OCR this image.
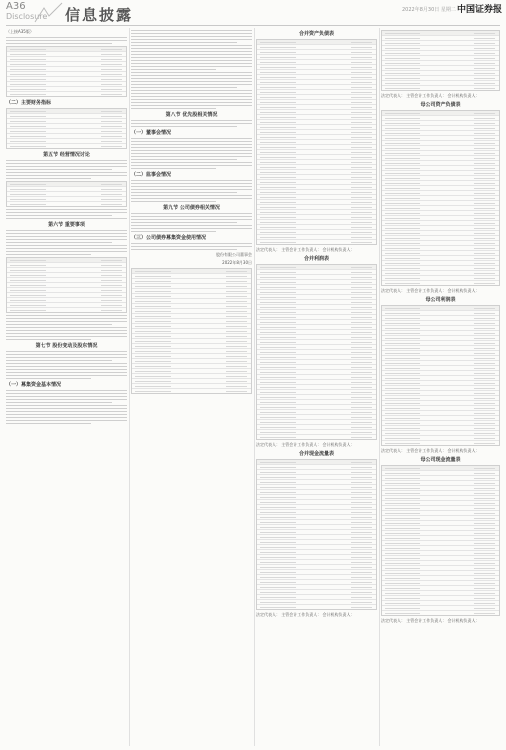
A36
Disclosure 信息披露	2022年8月30日 星期二 中国证券报
（上接A35版）
（二）主要财务指标
第五节 经营情况讨论
第六节 重要事项
第七节 股份变动及股东情况
（一）募集资金基本情况
第八节 优先股相关情况
（一）董事会情况
（二）监事会情况
第九节 公司债券相关情况
（三）公司债券募集资金使用情况
股份有限公司董事会
2022年8月30日
合并资产负债表
法定代表人： 主管会计工作负责人： 会计机构负责人：
合并利润表
法定代表人： 主管会计工作负责人： 会计机构负责人：
合并现金流量表
法定代表人： 主管会计工作负责人： 会计机构负责人：
法定代表人： 主管会计工作负责人： 会计机构负责人：
母公司资产负债表
法定代表人： 主管会计工作负责人： 会计机构负责人：
母公司利润表
法定代表人： 主管会计工作负责人： 会计机构负责人：
母公司现金流量表
法定代表人： 主管会计工作负责人： 会计机构负责人：
